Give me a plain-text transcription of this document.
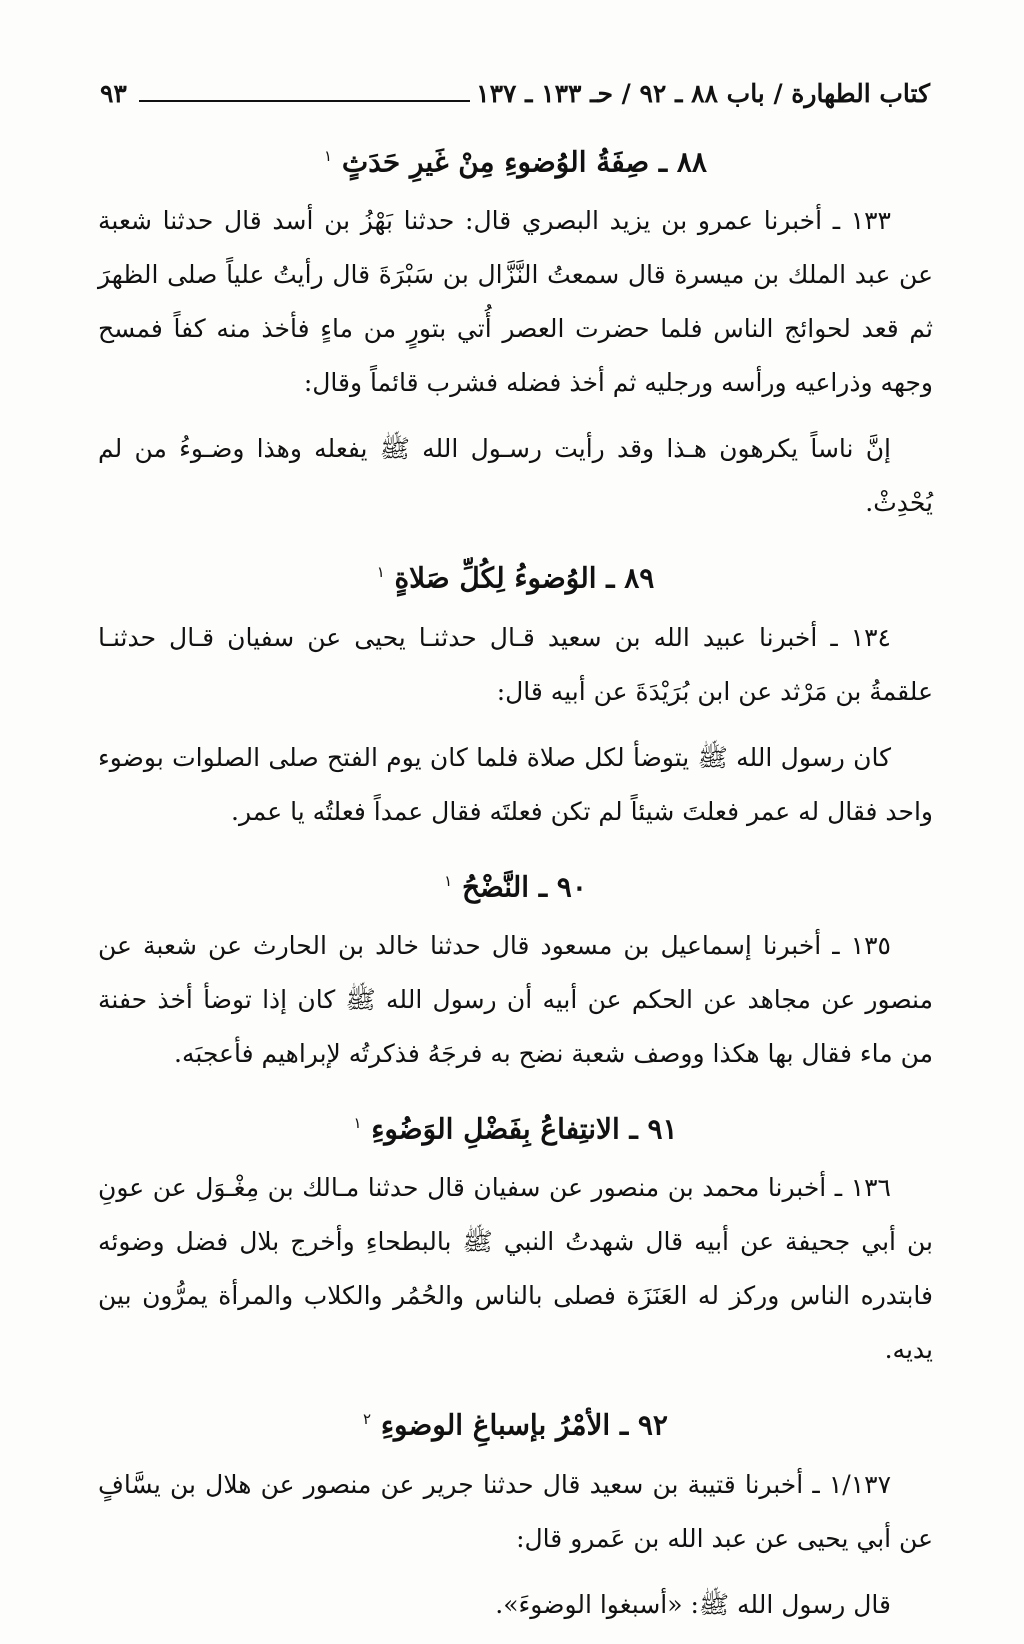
٩٣	كتاب الطهارة / باب ٨٨ ـ ٩٢ / حـ ١٣٣ ـ ١٣٧
٨٨ ـ صِفَةُ الوُضوءِ مِنْ غَيرِ حَدَثٍ $^١$

١٣٣ ـ أخبرنا عمرو بن يزيد البصري قال: حدثنا بَهْزُ بن أسد قال حدثنا شعبة عن عبد الملك بن ميسرة قال سمعتُ النَّزَّال بن سَبْرَةَ قال رأيتُ علياً صلى الظهرَ ثم قعد لحوائج الناس فلما حضرت العصر أُتي بتورٍ من ماءٍ فأخذ منه كفاً فمسح وجهه وذراعيه ورأسه ورجليه ثم أخذ فضله فشرب قائماً وقال:

إنَّ ناساً يكرهون هـذا وقد رأيت رسـول الله ﷺ يفعله وهذا وضـوءُ من لم يُحْدِثْ.

٨٩ ـ الوُضوءُ لِكُلِّ صَلاةٍ $^١$

١٣٤ ـ أخبرنا عبيد الله بن سعيد قـال حدثنـا يحيى عن سفيان قـال حدثنـا علقمةُ بن مَرْثد عن ابن بُرَيْدَةَ عن أبيه قال:

كان رسول الله ﷺ يتوضأ لكل صلاة فلما كان يوم الفتح صلى الصلوات بوضوء واحد فقال له عمر فعلتَ شيئاً لم تكن فعلتَه فقال عمداً فعلتُه يا عمر.

٩٠ ـ النَّضْحُ $^١$

١٣٥ ـ أخبرنا إسماعيل بن مسعود قال حدثنا خالد بن الحارث عن شعبة عن منصور عن مجاهد عن الحكم عن أبيه أن رسول الله ﷺ كان إذا توضأ أخذ حفنة من ماء فقال بها هكذا ووصف شعبة نضح به فرجَهُ فذكرتُه لإبراهيم فأعجبَه.

٩١ ـ الانتِفاعُ بِفَضْلِ الوَضُوءِ $^١$

١٣٦ ـ أخبرنا محمد بن منصور عن سفيان قال حدثنا مـالك بن مِغْـوَل عن عونِ بن أبي جحيفة عن أبيه قال شهدتُ النبي ﷺ بالبطحاءِ وأخرج بلال فضل وضوئه فابتدره الناس وركز له العَنَزَة فصلى بالناس والحُمُر والكلاب والمرأة يمرُّون بين يديه.

٩٢ ـ الأمْرُ بإسباغِ الوضوءِ $^٢$

١/١٣٧ ـ أخبرنا قتيبة بن سعيد قال حدثنا جرير عن منصور عن هلال بن يسَّافٍ عن أبي يحيى عن عبد الله بن عَمرو قال:

قال رسول الله ﷺ: «أسبغوا الوضوءَ».
